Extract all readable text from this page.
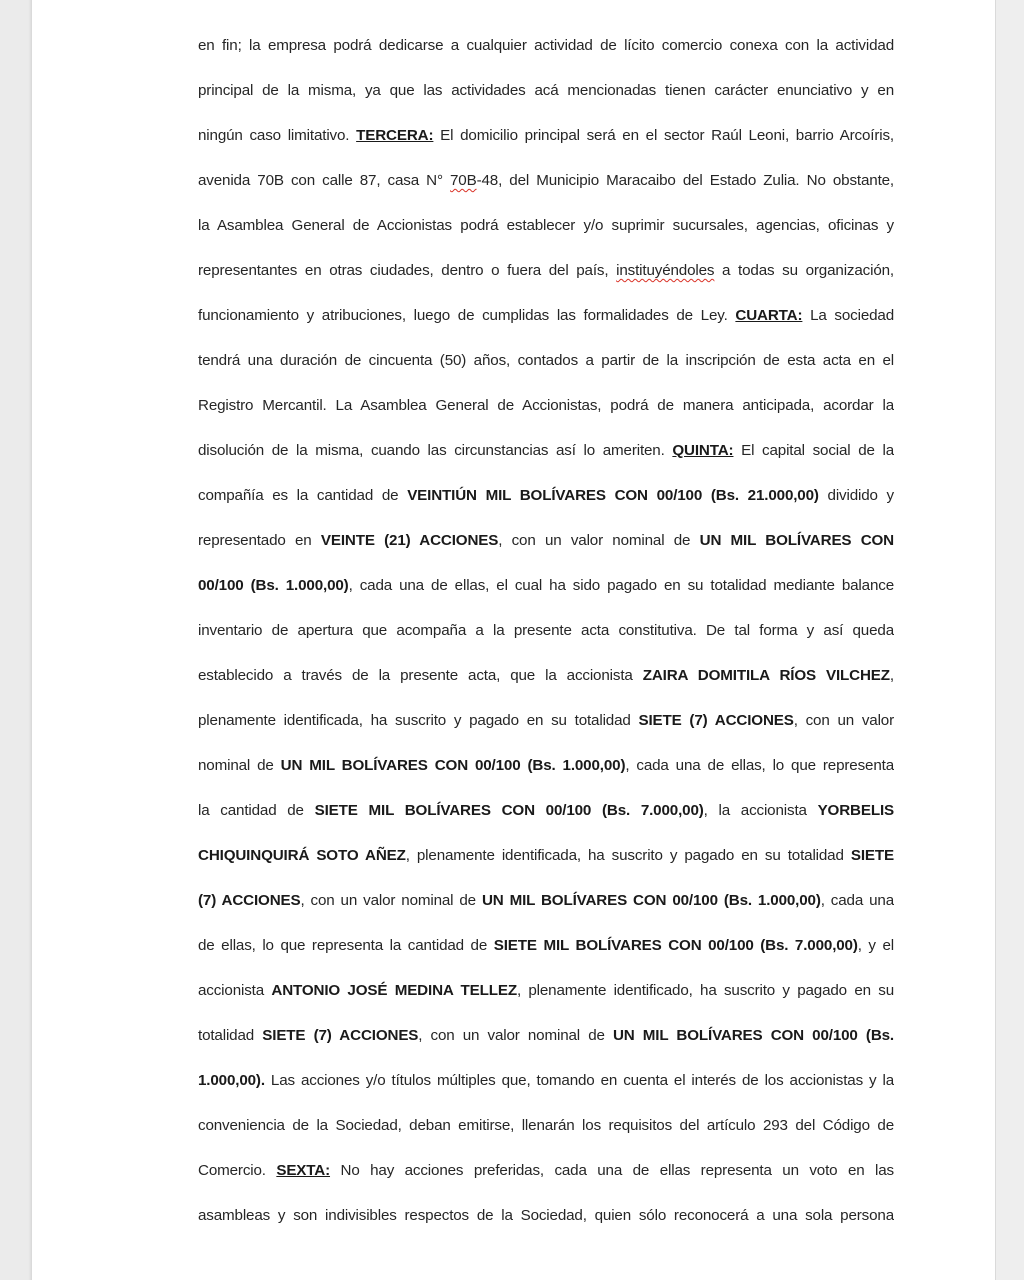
en fin; la empresa podrá dedicarse a cualquier actividad de lícito comercio conexa con la actividad
principal de la misma, ya que las actividades acá mencionadas tienen carácter enunciativo y en
ningún caso limitativo. TERCERA: El domicilio principal será en el sector Raúl Leoni, barrio Arcoíris,
avenida 70B con calle 87, casa N° 70B-48, del Municipio Maracaibo del Estado Zulia. No obstante,
la Asamblea General de Accionistas podrá establecer y/o suprimir sucursales, agencias, oficinas y
representantes en otras ciudades, dentro o fuera del país, instituyéndoles a todas su organización,
funcionamiento y atribuciones, luego de cumplidas las formalidades de Ley. CUARTA: La sociedad
tendrá una duración de cincuenta (50) años, contados a partir de la inscripción de esta acta en el
Registro Mercantil. La Asamblea General de Accionistas, podrá de manera anticipada, acordar la
disolución de la misma, cuando las circunstancias así lo ameriten. QUINTA: El capital social de la
compañía es la cantidad de VEINTIÚN MIL BOLÍVARES CON 00/100 (Bs. 21.000,00) dividido y
representado en VEINTE (21) ACCIONES, con un valor nominal de UN MIL BOLÍVARES CON
00/100 (Bs. 1.000,00), cada una de ellas, el cual ha sido pagado en su totalidad mediante balance
inventario de apertura que acompaña a la presente acta constitutiva. De tal forma y así queda
establecido a través de la presente acta, que la accionista ZAIRA DOMITILA RÍOS VILCHEZ,
plenamente identificada, ha suscrito y pagado en su totalidad SIETE (7) ACCIONES, con un valor
nominal de UN MIL BOLÍVARES CON 00/100 (Bs. 1.000,00), cada una de ellas, lo que representa
la cantidad de SIETE MIL BOLÍVARES CON 00/100 (Bs. 7.000,00), la accionista YORBELIS
CHIQUINQUIRÁ SOTO AÑEZ, plenamente identificada, ha suscrito y pagado en su totalidad SIETE
(7) ACCIONES, con un valor nominal de UN MIL BOLÍVARES CON 00/100 (Bs. 1.000,00), cada una
de ellas, lo que representa la cantidad de SIETE MIL BOLÍVARES CON 00/100 (Bs. 7.000,00), y el
accionista ANTONIO JOSÉ MEDINA TELLEZ, plenamente identificado, ha suscrito y pagado en su
totalidad SIETE (7) ACCIONES, con un valor nominal de UN MIL BOLÍVARES CON 00/100 (Bs.
1.000,00). Las acciones y/o títulos múltiples que, tomando en cuenta el interés de los accionistas y la
conveniencia de la Sociedad, deban emitirse, llenarán los requisitos del artículo 293 del Código de
Comercio. SEXTA: No hay acciones preferidas, cada una de ellas representa un voto en las
asambleas y son indivisibles respectos de la Sociedad, quien sólo reconocerá a una sola persona
